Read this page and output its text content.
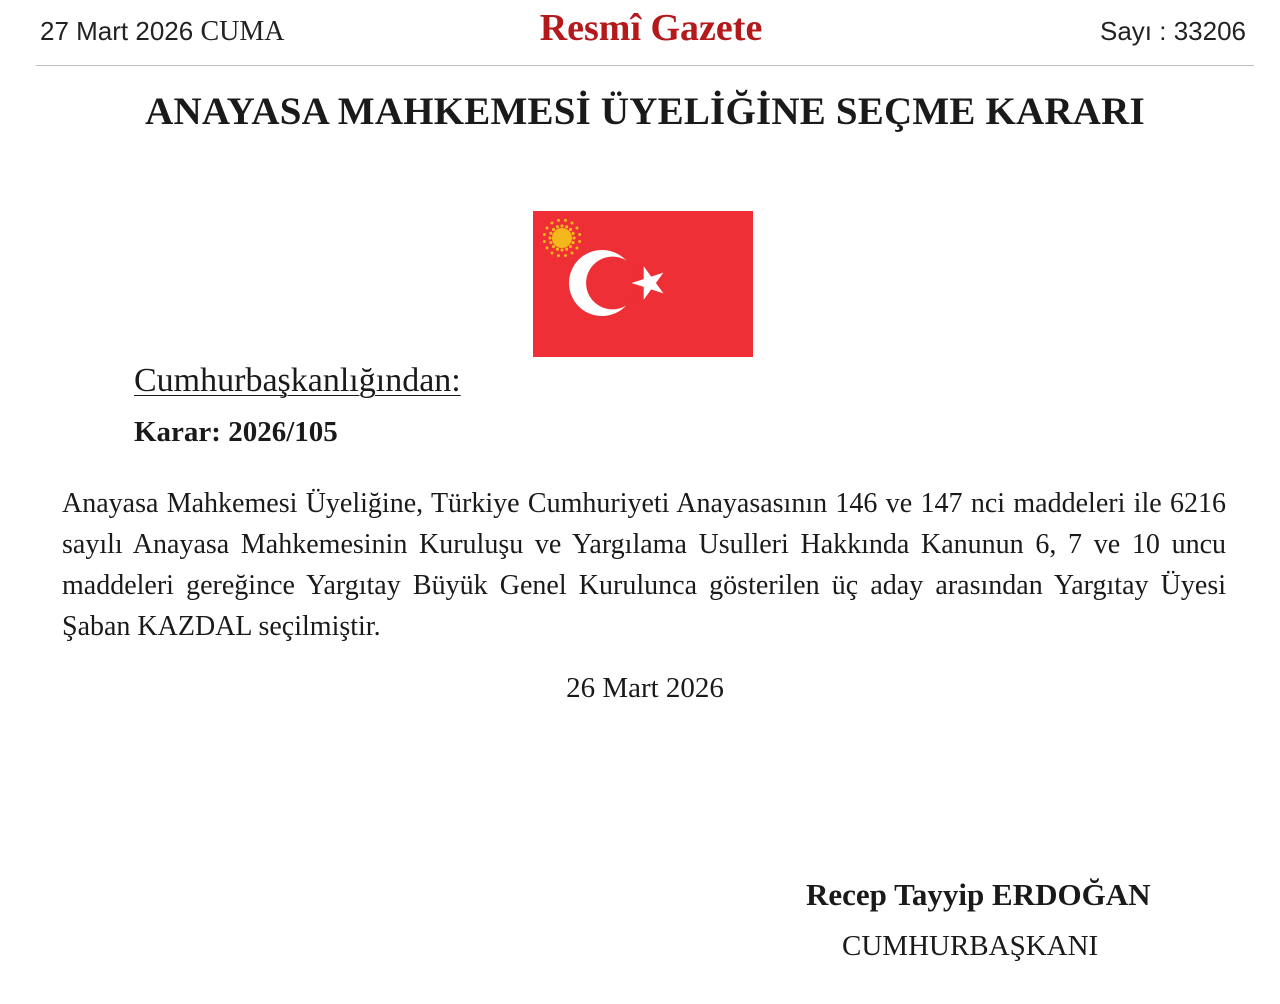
27 Mart 2026 CUMA	Resmî Gazete	Sayı : 33206
ANAYASA MAHKEMESİ ÜYELİĞİNE SEÇME KARARI
Cumhurbaşkanlığından:
Karar: 2026/105
Anayasa Mahkemesi Üyeliğine, Türkiye Cumhuriyeti Anayasasının 146 ve 147 nci maddeleri ile 6216 sayılı Anayasa Mahkemesinin Kuruluşu ve Yargılama Usulleri Hakkında Kanunun 6, 7 ve 10 uncu maddeleri gereğince Yargıtay Büyük Genel Kurulunca gösterilen üç aday arasından Yargıtay Üyesi Şaban KAZDAL seçilmiştir.
26 Mart 2026
Recep Tayyip ERDOĞAN
CUMHURBAŞKANI
